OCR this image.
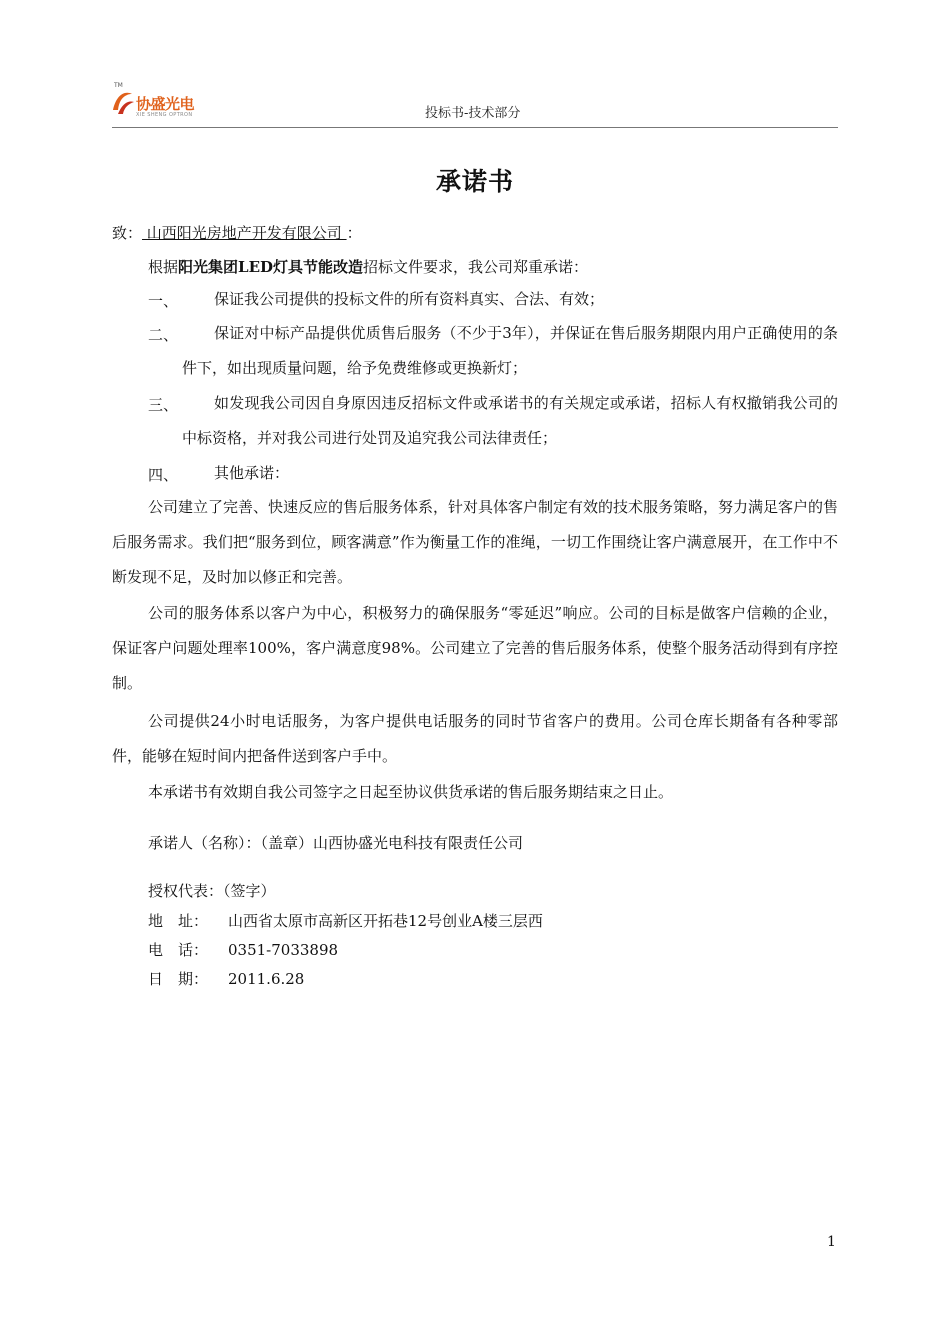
TM
协盛光电
XIE SHENG OPTRON	投标书-技术部分
承诺书
致： 山西阳光房地产开发有限公司 ：
根据阳光集团LED灯具节能改造招标文件要求，我公司郑重承诺：
一、 保证我公司提供的投标文件的所有资料真实、合法、有效；
二、	保证对中标产品提供优质售后服务（不少于3年），并保证在售后服务期限内用户正确使用的条件下，如出现质量问题，给予免费维修或更换新灯；
三、	如发现我公司因自身原因违反招标文件或承诺书的有关规定或承诺，招标人有权撤销我公司的中标资格，并对我公司进行处罚及追究我公司法律责任；
四、 其他承诺：
公司建立了完善、快速反应的售后服务体系，针对具体客户制定有效的技术服务策略，努力满足客户的售后服务需求。我们把“服务到位，顾客满意”作为衡量工作的准绳，一切工作围绕让客户满意展开，在工作中不断发现不足，及时加以修正和完善。
公司的服务体系以客户为中心，积极努力的确保服务“零延迟”响应。公司的目标是做客户信赖的企业，保证客户问题处理率100%，客户满意度98%。公司建立了完善的售后服务体系，使整个服务活动得到有序控制。
公司提供24小时电话服务，为客户提供电话服务的同时节省客户的费用。公司仓库长期备有各种零部件，能够在短时间内把备件送到客户手中。
本承诺书有效期自我公司签字之日起至协议供货承诺的售后服务期结束之日止。
承诺人（名称）：（盖章）山西协盛光电科技有限责任公司
授权代表：（签字）
地　址： 山西省太原市高新区开拓巷12号创业A楼三层西
电　话： 0351-7033898
日　期： 2011.6.28
1
